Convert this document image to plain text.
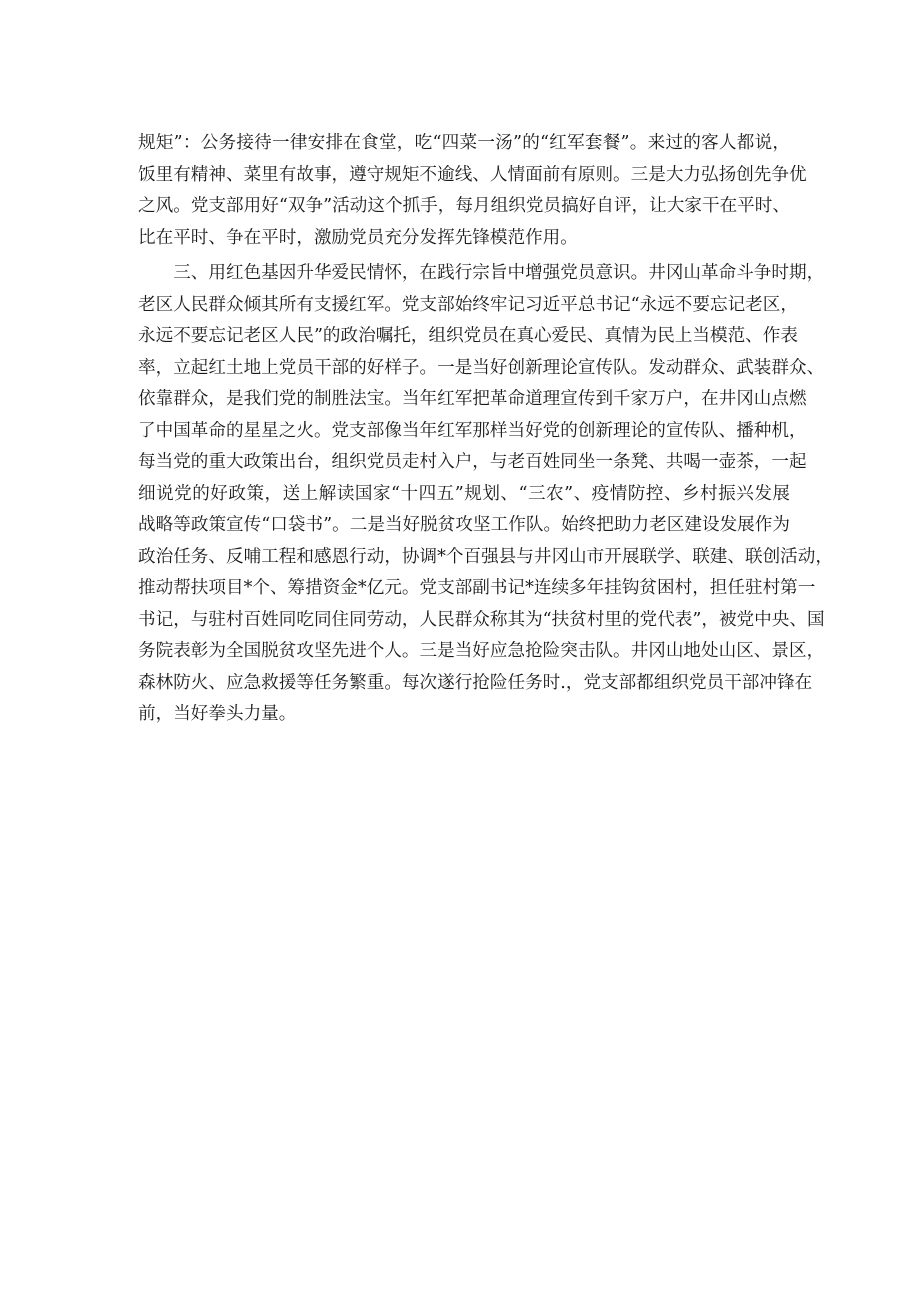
规矩”：公务接待一律安排在食堂，吃“四菜一汤”的“红军套餐”。来过的客人都说，
饭里有精神、菜里有故事，遵守规矩不逾线、人情面前有原则。三是大力弘扬创先争优
之风。党支部用好“双争”活动这个抓手，每月组织党员搞好自评，让大家干在平时、
比在平时、争在平时，激励党员充分发挥先锋模范作用。
　　三、用红色基因升华爱民情怀，在践行宗旨中增强党员意识。井冈山革命斗争时期，
老区人民群众倾其所有支援红军。党支部始终牢记习近平总书记“永远不要忘记老区，
永远不要忘记老区人民”的政治嘱托，组织党员在真心爱民、真情为民上当模范、作表
率，立起红土地上党员干部的好样子。一是当好创新理论宣传队。发动群众、武装群众、
依靠群众，是我们党的制胜法宝。当年红军把革命道理宣传到千家万户，在井冈山点燃
了中国革命的星星之火。党支部像当年红军那样当好党的创新理论的宣传队、播种机，
每当党的重大政策出台，组织党员走村入户，与老百姓同坐一条凳、共喝一壶茶，一起
细说党的好政策，送上解读国家“十四五”规划、“三农”、疫情防控、乡村振兴发展
战略等政策宣传“口袋书”。二是当好脱贫攻坚工作队。始终把助力老区建设发展作为
政治任务、反哺工程和感恩行动，协调*个百强县与井冈山市开展联学、联建、联创活动，
推动帮扶项目*个、筹措资金*亿元。党支部副书记*连续多年挂钩贫困村，担任驻村第一
书记，与驻村百姓同吃同住同劳动，人民群众称其为“扶贫村里的党代表”，被党中央、国
务院表彰为全国脱贫攻坚先进个人。三是当好应急抢险突击队。井冈山地处山区、景区，
森林防火、应急救援等任务繁重。每次遂行抢险任务时.，党支部都组织党员干部冲锋在
前，当好拳头力量。
